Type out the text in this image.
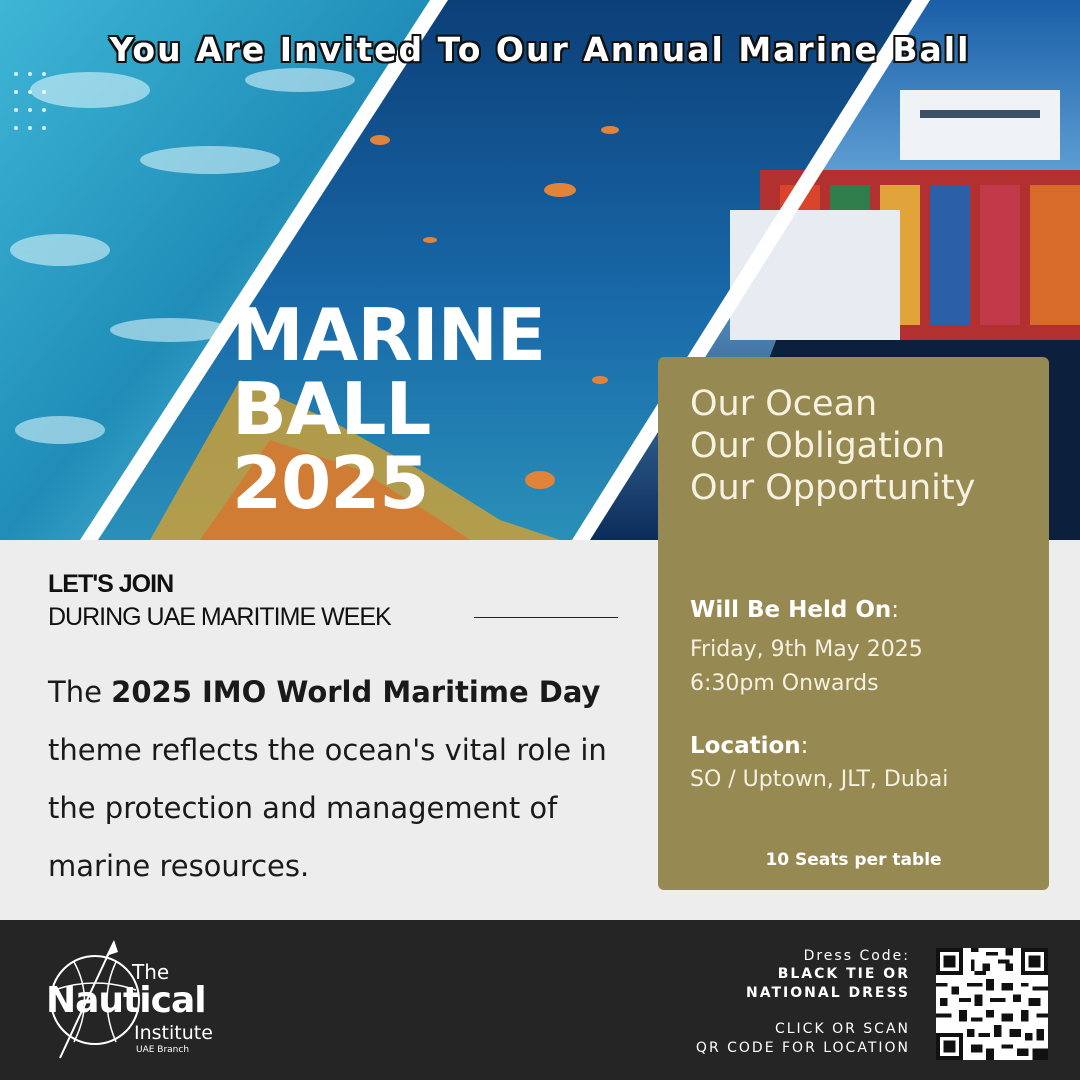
You Are Invited To Our Annual Marine Ball
MARINE
BALL
2025
Our Ocean
Our Obligation
Our Opportunity
Will Be Held On:
Friday, 9th May 2025
6:30pm Onwards
Location:
SO / Uptown, JLT, Dubai
10 Seats per table
LET'S JOIN
DURING UAE MARITIME WEEK
The 2025 IMO World Maritime Day theme reflects the ocean's vital role in the protection and management of marine resources.
The
Nautical
Institute
UAE Branch
Dress Code:
BLACK TIE OR
NATIONAL DRESS
CLICK OR SCAN
QR CODE FOR LOCATION
